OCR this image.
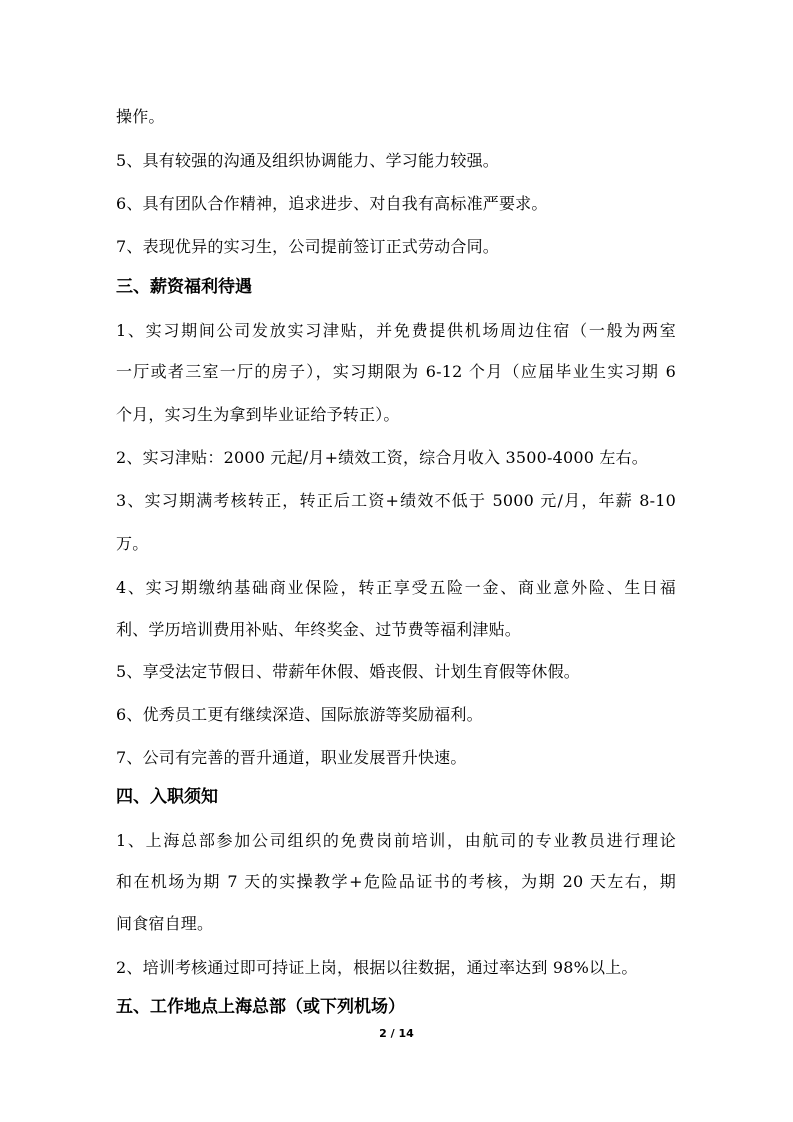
操作。
5、具有较强的沟通及组织协调能力、学习能力较强。
6、具有团队合作精神，追求进步、对自我有高标准严要求。
7、表现优异的实习生，公司提前签订正式劳动合同。
三、薪资福利待遇
1、实习期间公司发放实习津贴，并免费提供机场周边住宿（一般为两室
一厅或者三室一厅的房子），实习期限为 6-12 个月（应届毕业生实习期 6
个月，实习生为拿到毕业证给予转正）。
2、实习津贴：2000 元起/月+绩效工资，综合月收入 3500-4000 左右。
3、实习期满考核转正，转正后工资+绩效不低于 5000 元/月，年薪 8-10
万。
4、实习期缴纳基础商业保险，转正享受五险一金、商业意外险、生日福
利、学历培训费用补贴、年终奖金、过节费等福利津贴。
5、享受法定节假日、带薪年休假、婚丧假、计划生育假等休假。
6、优秀员工更有继续深造、国际旅游等奖励福利。
7、公司有完善的晋升通道，职业发展晋升快速。
四、入职须知
1、上海总部参加公司组织的免费岗前培训，由航司的专业教员进行理论
和在机场为期 7 天的实操教学+危险品证书的考核，为期 20 天左右，期
间食宿自理。
2、培训考核通过即可持证上岗，根据以往数据，通过率达到 98%以上。
五、工作地点上海总部（或下列机场）
2 / 14
